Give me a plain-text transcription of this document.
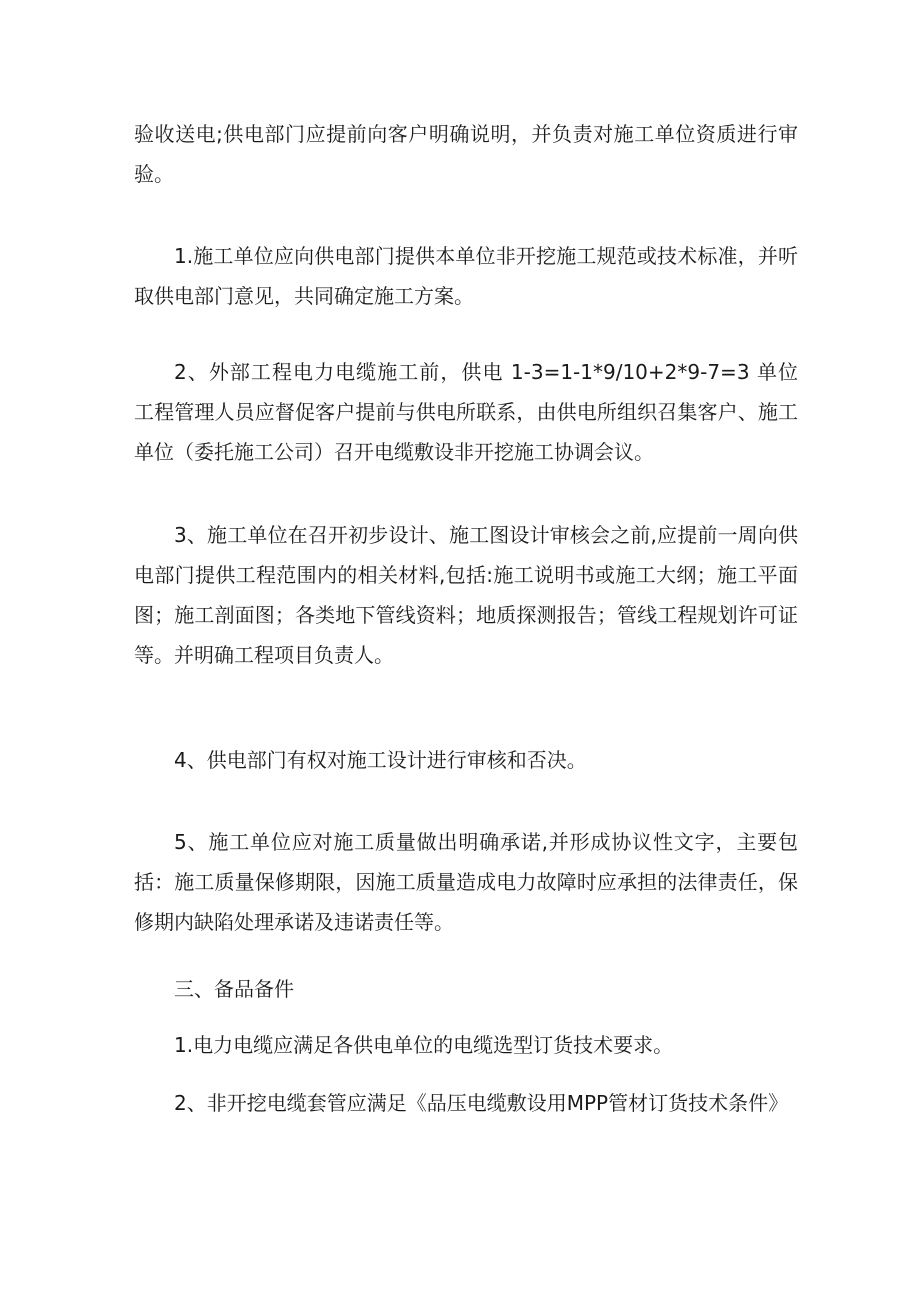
验收送电;供电部门应提前向客户明确说明，并负责对施工单位资质进行审验。

1.施工单位应向供电部门提供本单位非开挖施工规范或技术标准，并听取供电部门意见，共同确定施工方案。

2、外部工程电力电缆施工前，供电 1-3=1-1*9/10+2*9-7=3 单位工程管理人员应督促客户提前与供电所联系，由供电所组织召集客户、施工单位（委托施工公司）召开电缆敷设非开挖施工协调会议。

3、施工单位在召开初步设计、施工图设计审核会之前,应提前一周向供电部门提供工程范围内的相关材料,包括:施工说明书或施工大纲；施工平面图；施工剖面图；各类地下管线资料；地质探测报告；管线工程规划许可证等。并明确工程项目负责人。

4、供电部门有权对施工设计进行审核和否决。

5、施工单位应对施工质量做出明确承诺,并形成协议性文字，主要包括：施工质量保修期限，因施工质量造成电力故障时应承担的法律责任，保修期内缺陷处理承诺及违诺责任等。

三、备品备件

1.电力电缆应满足各供电单位的电缆选型订货技术要求。

2、非开挖电缆套管应满足《品压电缆敷设用MPP管材订货技术条件》
